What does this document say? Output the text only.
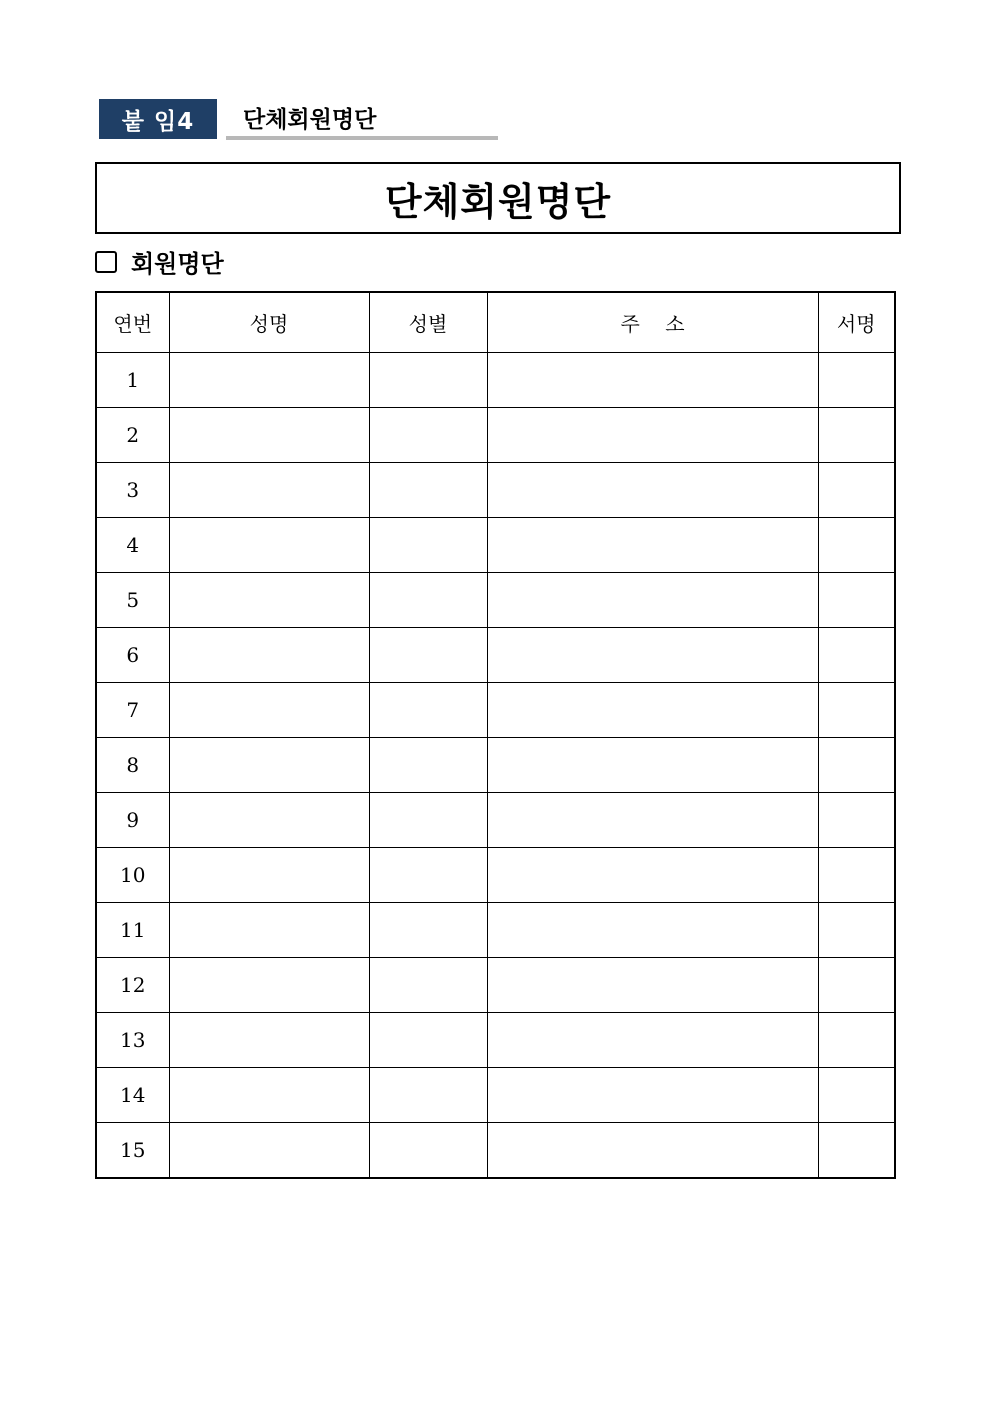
붙 임4	단체회원명단
단체회원명단
회원명단
연번	성명	성별	주    소	서명
1				
2				
3				
4				
5				
6				
7				
8				
9				
10				
11				
12				
13				
14				
15				
